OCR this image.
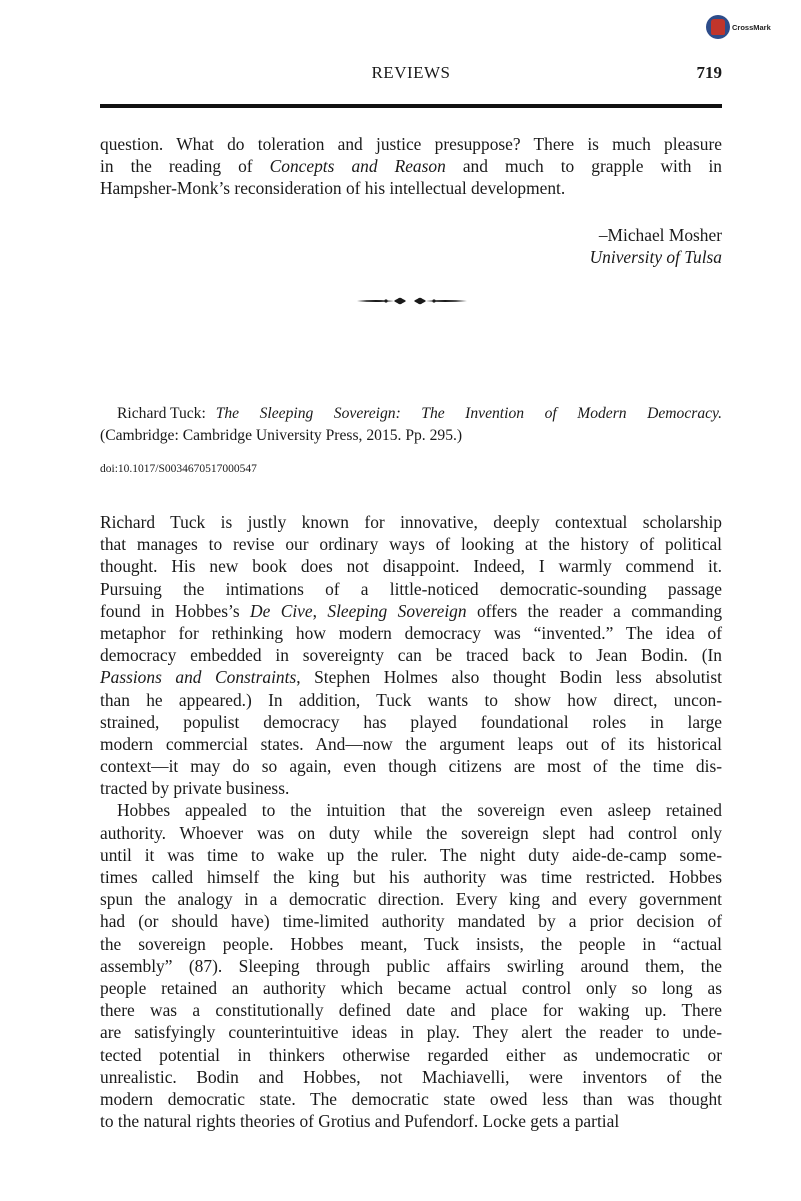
CrossMark
REVIEWS	719
question. What do toleration and justice presuppose? There is much pleasure
in the reading of Concepts and Reason and much to grapple with in
Hampsher-Monk’s reconsideration of his intellectual development.
–Michael Mosher
University of Tulsa
Richard Tuck: The Sleeping Sovereign: The Invention of Modern Democracy.
(Cambridge: Cambridge University Press, 2015. Pp. 295.)
doi:10.1017/S0034670517000547
Richard Tuck is justly known for innovative, deeply contextual scholarship
that manages to revise our ordinary ways of looking at the history of political
thought. His new book does not disappoint. Indeed, I warmly commend it.
Pursuing the intimations of a little-noticed democratic-sounding passage
found in Hobbes’s De Cive, Sleeping Sovereign offers the reader a commanding
metaphor for rethinking how modern democracy was “invented.” The idea of
democracy embedded in sovereignty can be traced back to Jean Bodin. (In
Passions and Constraints, Stephen Holmes also thought Bodin less absolutist
than he appeared.) In addition, Tuck wants to show how direct, uncon-
strained, populist democracy has played foundational roles in large
modern commercial states. And—now the argument leaps out of its historical
context—it may do so again, even though citizens are most of the time dis-
tracted by private business.
Hobbes appealed to the intuition that the sovereign even asleep retained
authority. Whoever was on duty while the sovereign slept had control only
until it was time to wake up the ruler. The night duty aide-de-camp some-
times called himself the king but his authority was time restricted. Hobbes
spun the analogy in a democratic direction. Every king and every government
had (or should have) time-limited authority mandated by a prior decision of
the sovereign people. Hobbes meant, Tuck insists, the people in “actual
assembly” (87). Sleeping through public affairs swirling around them, the
people retained an authority which became actual control only so long as
there was a constitutionally defined date and place for waking up. There
are satisfyingly counterintuitive ideas in play. They alert the reader to unde-
tected potential in thinkers otherwise regarded either as undemocratic or
unrealistic. Bodin and Hobbes, not Machiavelli, were inventors of the
modern democratic state. The democratic state owed less than was thought
to the natural rights theories of Grotius and Pufendorf. Locke gets a partial
